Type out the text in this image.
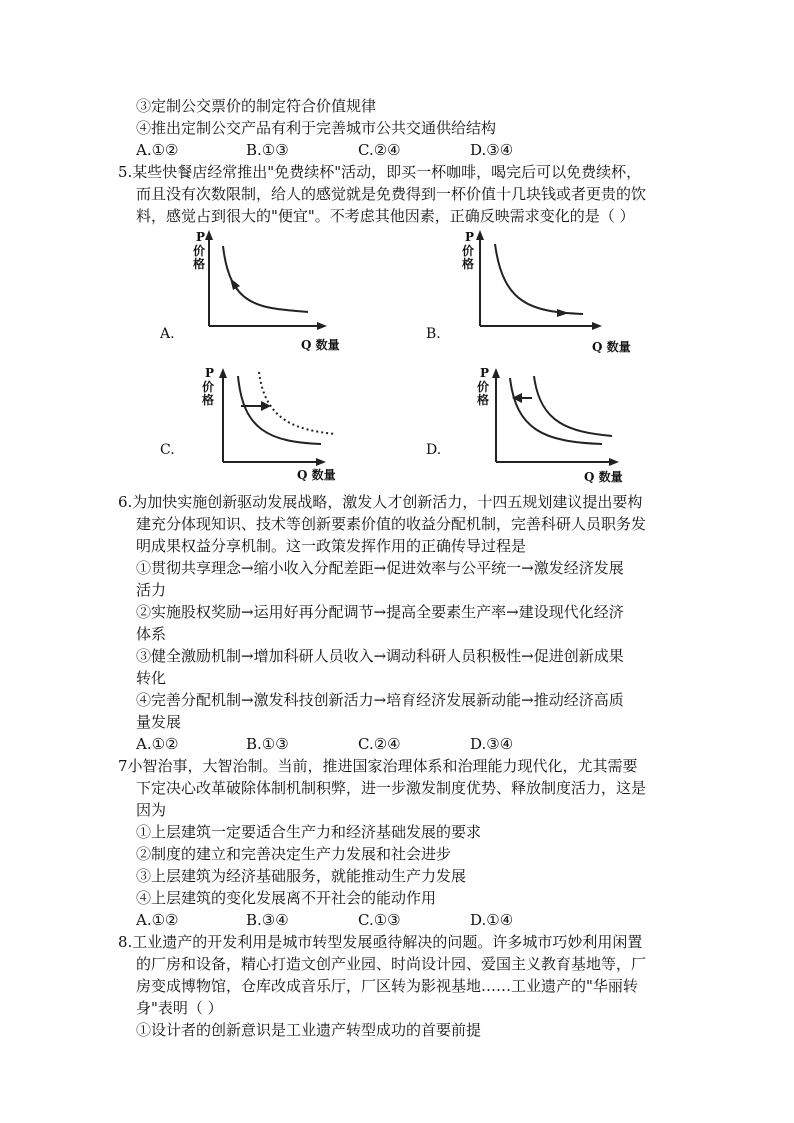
③定制公交票价的制定符合价值规律
④推出定制公交产品有利于完善城市公共交通供给结构
A.①②	B.①③	C.②④	D.③④
5.某些快餐店经常推出"免费续杯"活动，即买一杯咖啡，喝完后可以免费续杯，
而且没有次数限制，给人的感觉就是免费得到一杯价值十几块钱或者更贵的饮
料，感觉占到很大的"便宜"。不考虑其他因素，正确反映需求变化的是（ ）
A.
P
价
格
Q 数量
B.
P
价
格
Q 数量
C.
P
价
格
Q 数量
D.
P
价
格
Q 数量
6.为加快实施创新驱动发展战略，激发人才创新活力，十四五规划建议提出要构
建充分体现知识、技术等创新要素价值的收益分配机制，完善科研人员职务发
明成果权益分享机制。这一政策发挥作用的正确传导过程是
①贯彻共享理念→缩小收入分配差距→促进效率与公平统一→激发经济发展
活力
②实施股权奖励→运用好再分配调节→提高全要素生产率→建设现代化经济
体系
③健全激励机制→增加科研人员收入→调动科研人员积极性→促进创新成果
转化
④完善分配机制→激发科技创新活力→培育经济发展新动能→推动经济高质
量发展
A.①②	B.①③	C.②④	D.③④
7小智治事，大智治制。当前，推进国家治理体系和治理能力现代化，尤其需要
下定决心改革破除体制机制积弊，进一步激发制度优势、释放制度活力，这是
因为
①上层建筑一定要适合生产力和经济基础发展的要求
②制度的建立和完善决定生产力发展和社会进步
③上层建筑为经济基础服务，就能推动生产力发展
④上层建筑的变化发展离不开社会的能动作用
A.①②	B.③④	C.①③	D.①④
8.工业遗产的开发利用是城市转型发展亟待解决的问题。许多城市巧妙利用闲置
的厂房和设备，精心打造文创产业园、时尚设计园、爱国主义教育基地等，厂
房变成博物馆，仓库改成音乐厅，厂区转为影视基地……工业遗产的"华丽转
身"表明（ ）
①设计者的创新意识是工业遗产转型成功的首要前提
